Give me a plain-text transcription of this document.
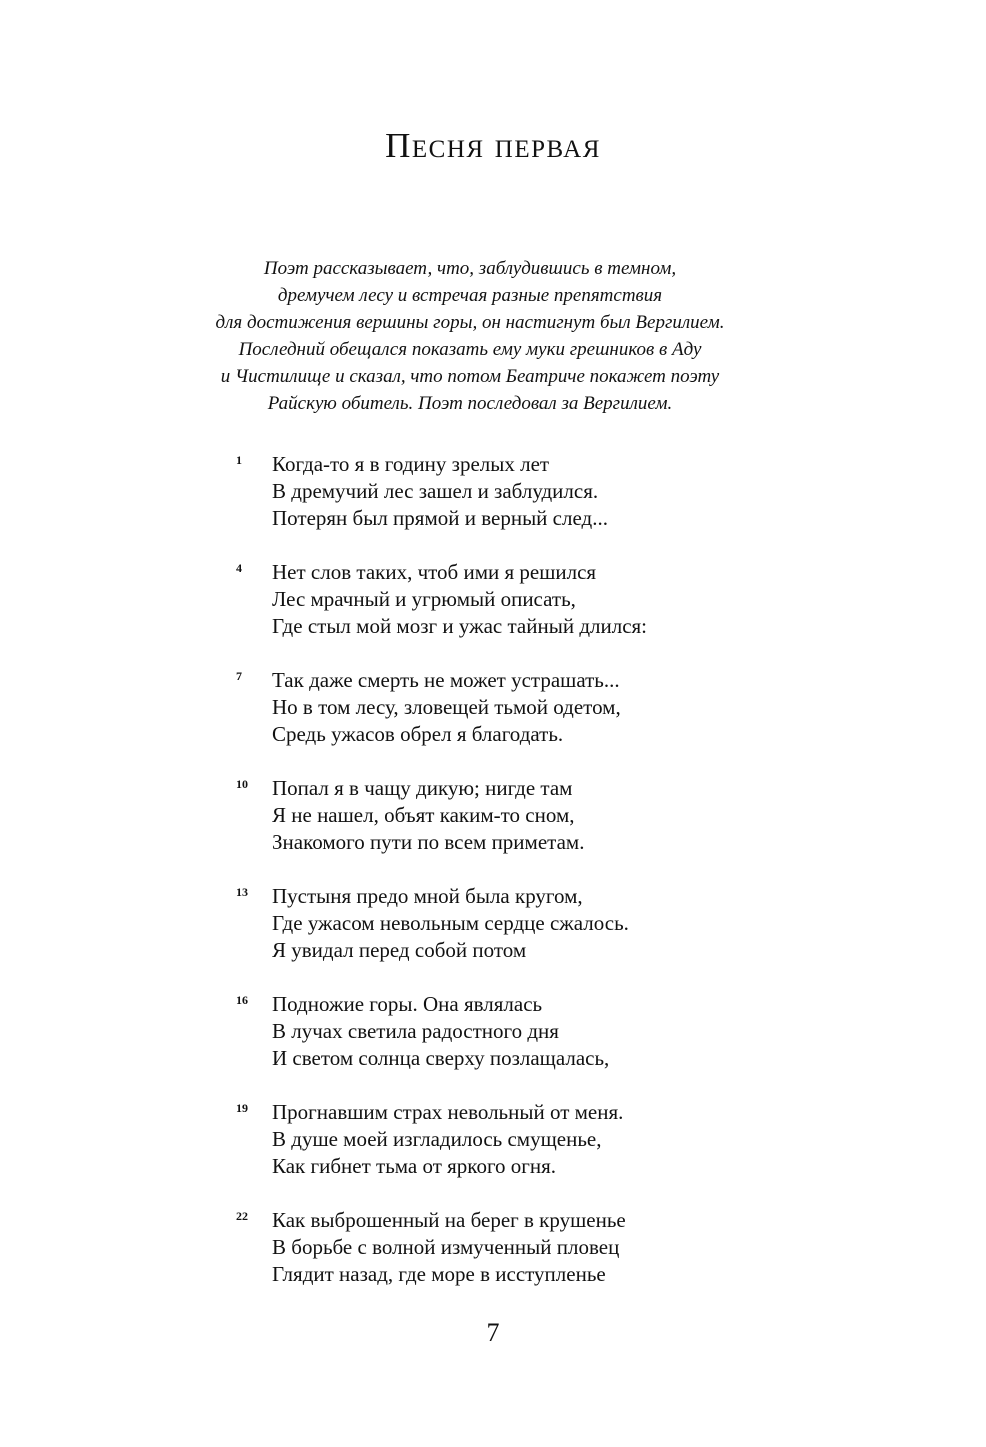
Песня первая
Поэт рассказывает, что, заблудившись в темном,
дремучем лесу и встречая разные препятствия
для достижения вершины горы, он настигнут был Вергилием.
Последний обещался показать ему муки грешников в Аду
и Чистилище и сказал, что потом Беатриче покажет поэту
Райскую обитель. Поэт последовал за Вергилием.
1	Когда-то я в годину зрелых лет
В дремучий лес зашел и заблудился.
Потерян был прямой и верный след...
4	Нет слов таких, чтоб ими я решился
Лес мрачный и угрюмый описать,
Где стыл мой мозг и ужас тайный длился:
7	Так даже смерть не может устрашать...
Но в том лесу, зловещей тьмой одетом,
Средь ужасов обрел я благодать.
10	Попал я в чащу дикую; нигде там
Я не нашел, объят каким-то сном,
Знакомого пути по всем приметам.
13	Пустыня предо мной была кругом,
Где ужасом невольным сердце сжалось.
Я увидал перед собой потом
16	Подножие горы. Она являлась
В лучах светила радостного дня
И светом солнца сверху позлащалась,
19	Прогнавшим страх невольный от меня.
В душе моей изгладилось смущенье,
Как гибнет тьма от яркого огня.
22	Как выброшенный на берег в крушенье
В борьбе с волной измученный пловец
Глядит назад, где море в исступленье
7
